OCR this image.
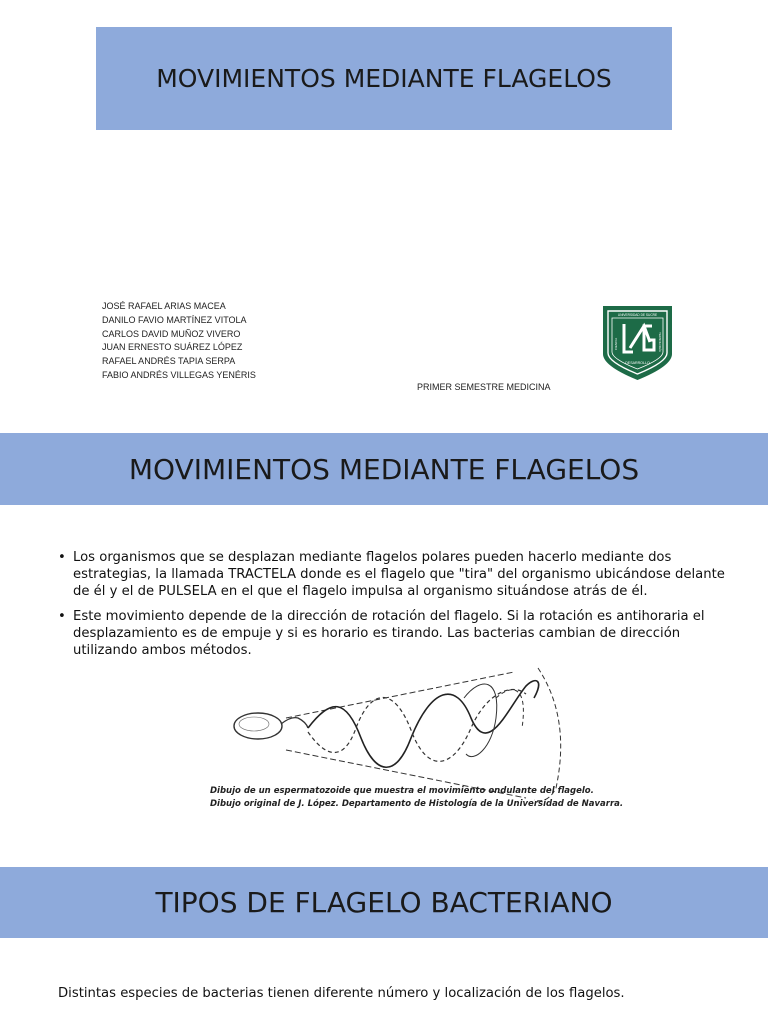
MOVIMIENTOS MEDIANTE FLAGELOS
JOSÉ RAFAEL ARIAS MACEA
DANILO FAVIO MARTÍNEZ VITOLA
CARLOS DAVID MUÑOZ VIVERO
JUAN ERNESTO SUÁREZ LÓPEZ
RAFAEL ANDRÉS TAPIA SERPA
FABIO ANDRÉS VILLEGAS YENÉRIS
UNIVERSIDAD DE SUCRE
CIENCIA	TECNOLOGÍA
DESARROLLO
PRIMER SEMESTRE MEDICINA
MOVIMIENTOS MEDIANTE FLAGELOS
• Los organismos que se desplazan mediante flagelos polares pueden hacerlo mediante dos estrategias, la llamada TRACTELA donde es el flagelo que "tira" del organismo ubicándose delante de él y el de PULSELA en el que el flagelo impulsa al organismo situándose atrás de él.
• Este movimiento depende de la dirección de rotación del flagelo. Si la rotación es antihoraria el desplazamiento es de empuje y si es horario es tirando. Las bacterias cambian de dirección utilizando ambos métodos.
Dibujo de un espermatozoide que muestra el movimiento ondulante del flagelo.
Dibujo original de J. López. Departamento de Histología de la Universidad de Navarra.
TIPOS DE FLAGELO BACTERIANO
Distintas especies de bacterias tienen diferente número y localización de los flagelos.
